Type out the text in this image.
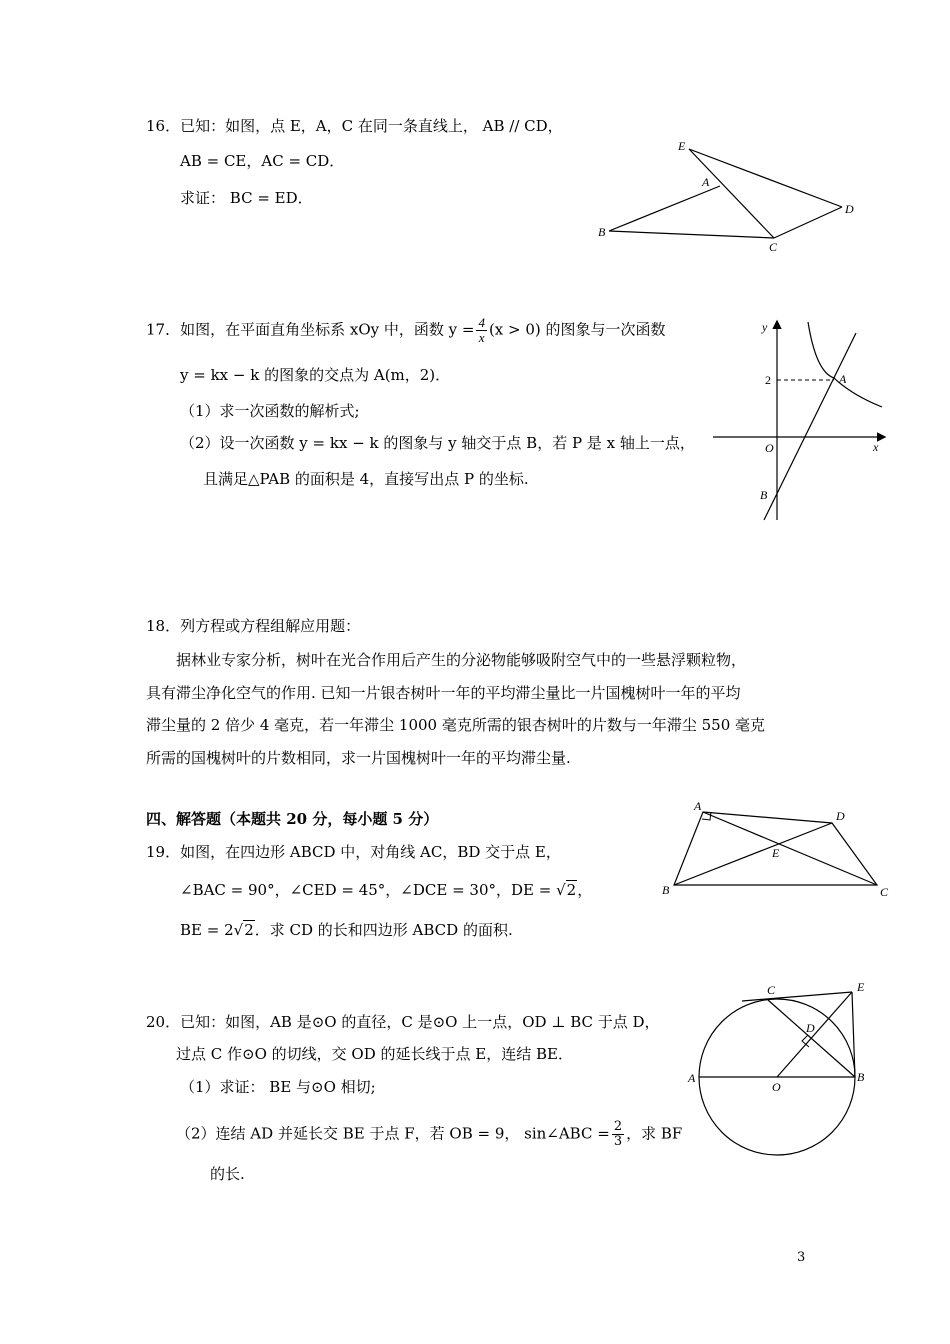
16．已知：如图，点 E，A，C 在同一条直线上， AB // CD，
AB = CE，AC = CD．
求证： BC = ED．
E
A
D
B
C
17．如图，在平面直角坐标系 xOy 中，函数 $y = \frac{4}{x} (x > 0)$ 的图象与一次函数
y = kx − k 的图象的交点为 A(m，2)．
（1）求一次函数的解析式;
（2）设一次函数 y = kx − k 的图象与 y 轴交于点 B，若 P 是 x 轴上一点，
且满足△PAB 的面积是 4，直接写出点 P 的坐标.
y
x
O
2	A
B
18．列方程或方程组解应用题：
据林业专家分析，树叶在光合作用后产生的分泌物能够吸附空气中的一些悬浮颗粒物，
具有滞尘净化空气的作用. 已知一片银杏树叶一年的平均滞尘量比一片国槐树叶一年的平均
滞尘量的 2 倍少 4 毫克，若一年滞尘 1000 毫克所需的银杏树叶的片数与一年滞尘 550 毫克
所需的国槐树叶的片数相同，求一片国槐树叶一年的平均滞尘量.
四、解答题（本题共 20 分，每小题 5 分）
19．如图，在四边形 ABCD 中，对角线 AC，BD 交于点 E，
∠BAC = 90°，∠CED = 45°，∠DCE = 30°，DE = √2，
BE = 2√2．求 CD 的长和四边形 ABCD 的面积.
A
D
E
B	C
20．已知：如图，AB 是⊙O 的直径，C 是⊙O 上一点，OD ⊥ BC 于点 D，
过点 C 作⊙O 的切线，交 OD 的延长线于点 E，连结 BE．
（1）求证： BE 与⊙O 相切;
（2）连结 AD 并延长交 BE 于点 F，若 OB = 9， sin∠ABC = $\frac{2}{3}$ ，求 BF
的长.
C	E
D
A
O
B
3
